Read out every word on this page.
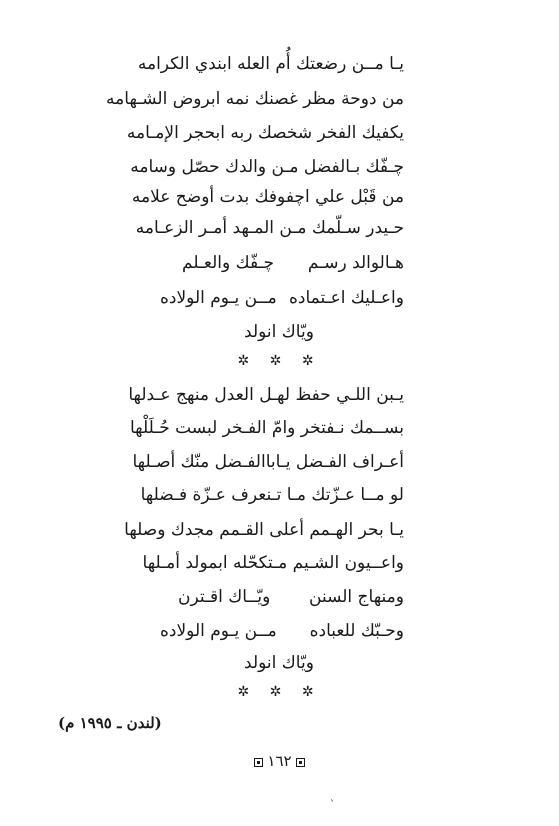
يـا مــن رضعتك أُم العله ابندي الكرامه
من دوحة مظر غصنك نمه ابروض الشـهامه
يكفيك الفخر شخصك ربه ابحجر الإمـامه
چـفّك بـالفضل مـن والدك حصّل وسامه
من قَبْل علي اچفوفك بدت أوضح علامه
حـيدر سـلّمك مـن المـهد أمـر الزعـامه
هـالوالد رسـم
چـفّك والعـلم
واعـليك اعـتماده
مــن يـوم الولاده
ويّاك انولد
✲ ✲ ✲
يـبن اللـي حفظ لهـل العدل منهج عـدلها
بســمك نـفتخر وامّ الفـخر لبست حُـلَلْها
أعـراف الفـضل يـاباالفـضل منّك أصـلها
لو مــا عـزّتك مـا تـنعرف عـزّة فـضلها
يـا بحر الهـمم أعلى القـمم مجدك وصلها
واعــيون الشـيم مـتكحّله ابمولد أمـلها
ومنهاج السنن
ويّــاك اقـترن
وحـبّك للعباده
مــن يـوم الولاده
ويّاك انولد
✲ ✲ ✲
(لندن ـ ١٩٩٥ م)
١٦٢
ˋ
